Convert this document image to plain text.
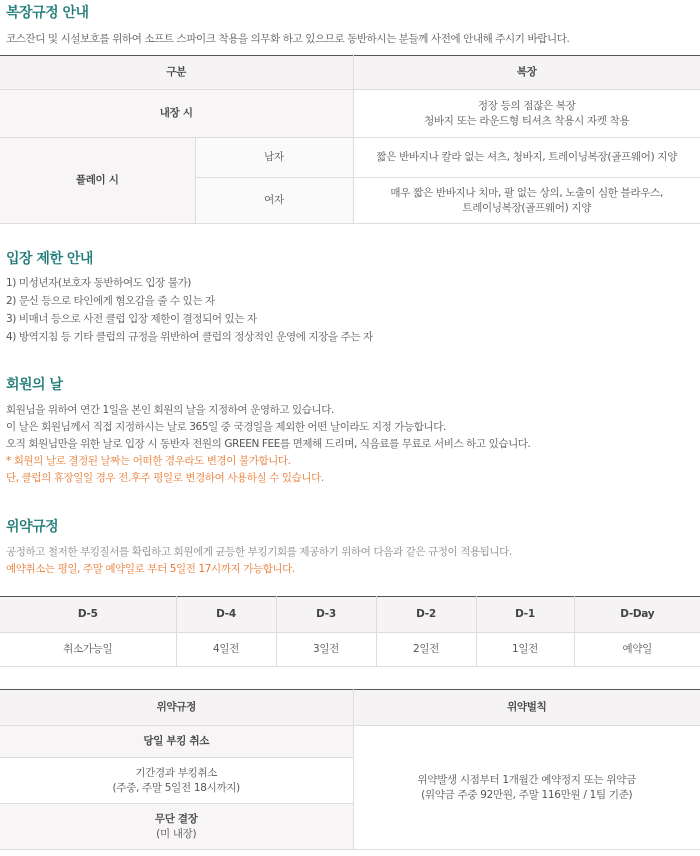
복장규정 안내
코스잔디 및 시설보호를 위하여 소프트 스파이크 착용을 의무화 하고 있으므로 동반하시는 분들께 사전에 안내해 주시기 바랍니다.
구분		복장
내장 시		정장 등의 점잖은 복장
청바지 또는 라운드형 티셔츠 착용시 자켓 착용

플레이 시	남자	짧은 반바지나 칼라 없는 셔츠, 청바지, 트레이닝복장(골프웨어) 지양
	여자	매우 짧은 반바지나 치마, 팔 없는 상의, 노출이 심한 블라우스,
트레이닝복장(골프웨어) 지양
입장 제한 안내
1) 미성년자(보호자 동반하여도 입장 불가)
2) 문신 등으로 타인에게 혐오감을 줄 수 있는 자
3) 비매너 등으로 사전 클럽 입장 제한이 결정되어 있는 자
4) 방역지침 등 기타 클럽의 규정을 위반하여 클럽의 정상적인 운영에 지장을 주는 자
회원의 날
회원님을 위하여 연간 1일을 본인 회원의 날을 지정하여 운영하고 있습니다.
이 날은 회원님께서 직접 지정하시는 날로 365일 중 국경일을 제외한 어떤 날이라도 지정 가능합니다.
오직 회원님만을 위한 날로 입장 시 동반자 전원의 GREEN FEE를 면제해 드리며, 식음료를 무료로 서비스 하고 있습니다.
* 회원의 날로 결정된 날짜는 어떠한 경우라도 변경이 불가합니다.
단, 클럽의 휴장일일 경우 전.후주 평일로 변경하여 사용하실 수 있습니다.
위약규정
공정하고 철저한 부킹질서를 확립하고 회원에게 균등한 부킹기회를 제공하기 위하여 다음과 같은 규정이 적용됩니다.
예약취소는 평일, 주말 예약일로 부터 5일전 17시까지 가능합니다.
D-5	D-4	D-3	D-2	D-1	D-Day
취소가능일	4일전	3일전	2일전	1일전	예약일
위약규정	위약벌칙
당일 부킹 취소	위약발생 시점부터 1개월간 예약정지 또는 위약금
(위약금 주중 92만원, 주말 116만원 / 1팀 기준)

기간경과 부킹취소
(주중, 주말 5일전 18시까지)	

무단 결장
(미 내장)	
